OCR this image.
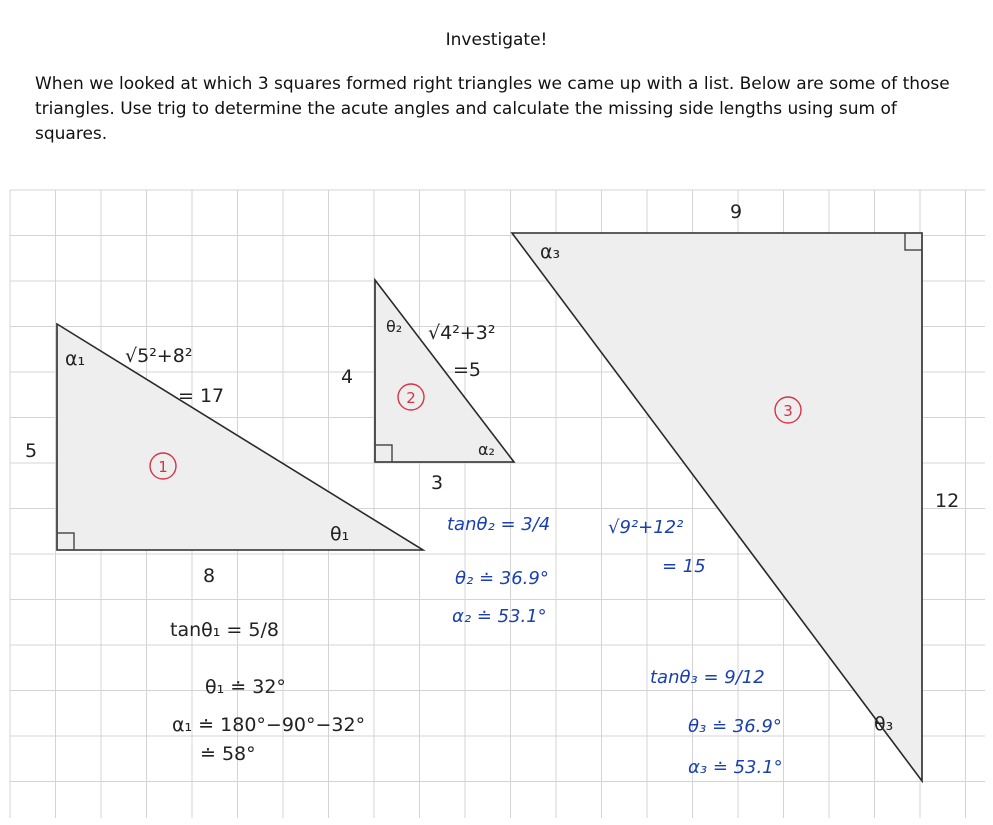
Investigate!
When we looked at which 3 squares formed right triangles we came up with a list. Below are some of those triangles. Use trig to determine the acute angles and calculate the missing side lengths using sum of squares.
1
α₁
θ₁
5
8
√5²+8²
= 17
tanθ₁ = 5/8
θ₁ ≐ 32°
α₁ ≐ 180°−90°−32°
≐ 58°
2
θ₂
α₂
4
3
√4²+3²
=5
tanθ₂ = 3/4
θ₂ ≐ 36.9°
α₂ ≐ 53.1°
3
α₃
θ₃
9
12
√9²+12²
= 15
tanθ₃ = 9/12
θ₃ ≐ 36.9°
α₃ ≐ 53.1°
